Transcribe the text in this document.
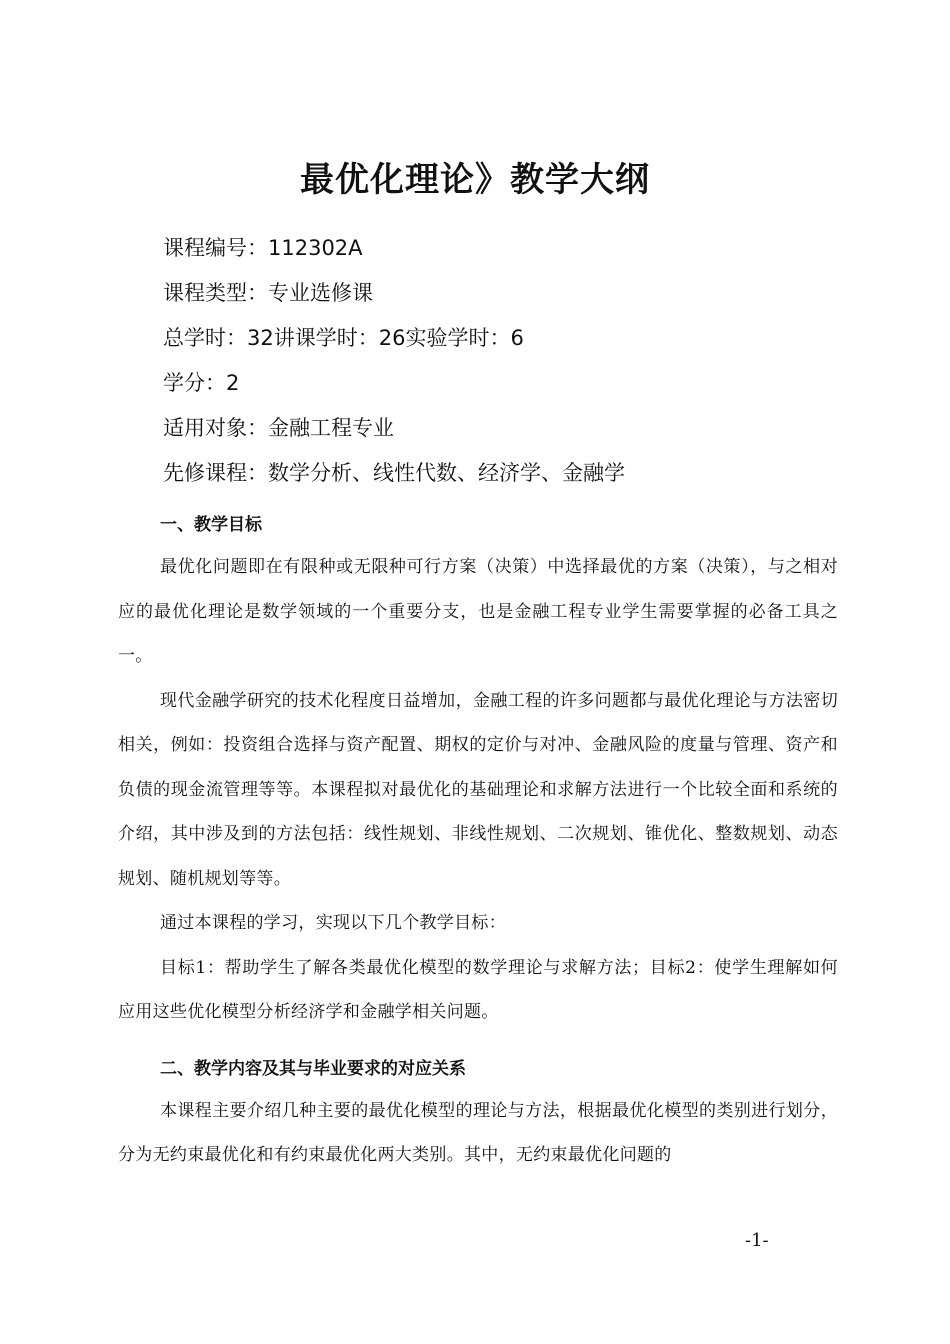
最优化理论》教学大纲
课程编号：112302A
课程类型：专业选修课
总学时：32讲课学时：26实验学时：6
学分：2
适用对象：金融工程专业
先修课程：数学分析、线性代数、经济学、金融学
一、教学目标

最优化问题即在有限种或无限种可行方案（决策）中选择最优的方案（决策），与之相对应的最优化理论是数学领域的一个重要分支，也是金融工程专业学生需要掌握的必备工具之一。

现代金融学研究的技术化程度日益增加，金融工程的许多问题都与最优化理论与方法密切相关，例如：投资组合选择与资产配置、期权的定价与对冲、金融风险的度量与管理、资产和负债的现金流管理等等。本课程拟对最优化的基础理论和求解方法进行一个比较全面和系统的介绍，其中涉及到的方法包括：线性规划、非线性规划、二次规划、锥优化、整数规划、动态规划、随机规划等等。

通过本课程的学习，实现以下几个教学目标：

目标1：帮助学生了解各类最优化模型的数学理论与求解方法；目标2：使学生理解如何应用这些优化模型分析经济学和金融学相关问题。

二、教学内容及其与毕业要求的对应关系

本课程主要介绍几种主要的最优化模型的理论与方法，根据最优化模型的类别进行划分，分为无约束最优化和有约束最优化两大类别。其中，无约束最优化问题的

-1-
